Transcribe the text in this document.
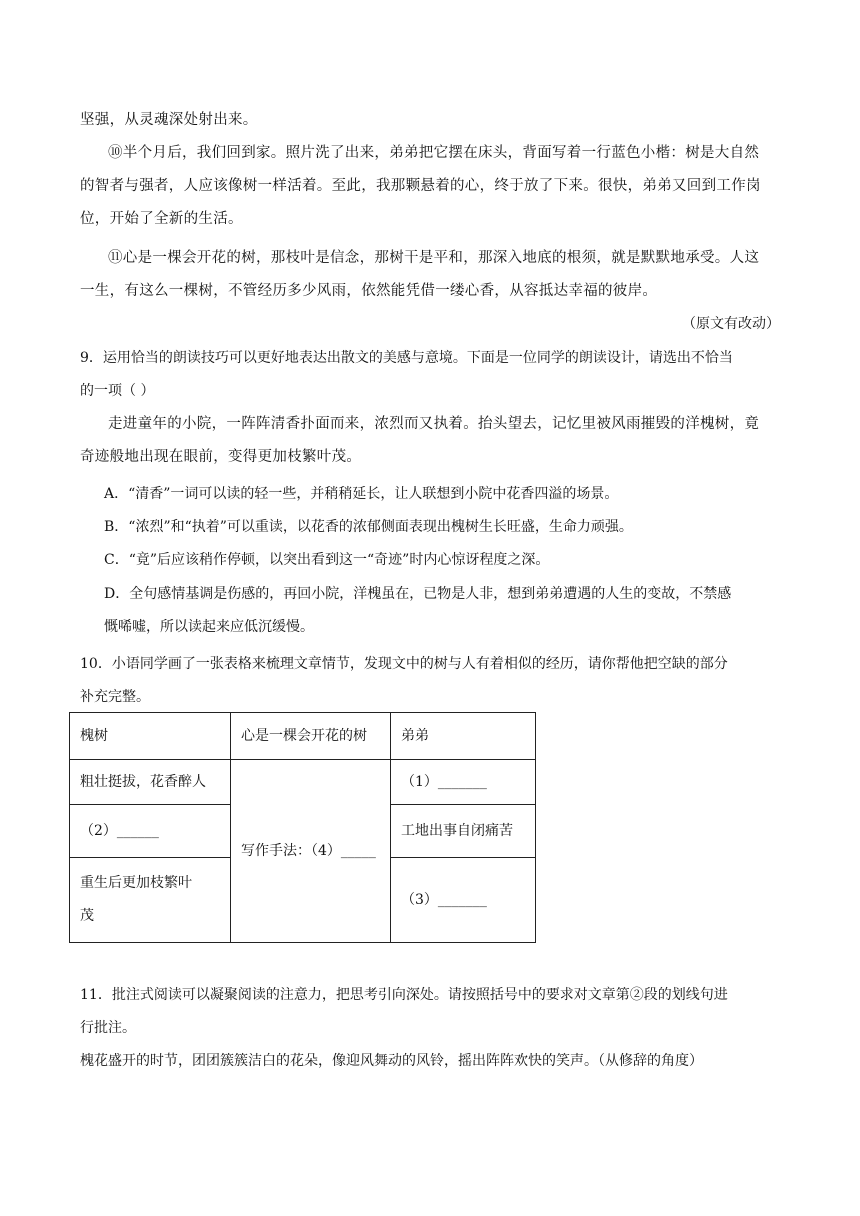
坚强，从灵魂深处射出来。
⑩半个月后，我们回到家。照片洗了出来，弟弟把它摆在床头，背面写着一行蓝色小楷：树是大自然
的智者与强者，人应该像树一样活着。至此，我那颗悬着的心，终于放了下来。很快，弟弟又回到工作岗
位，开始了全新的生活。
⑪心是一棵会开花的树，那枝叶是信念，那树干是平和，那深入地底的根须，就是默默地承受。人这
一生，有这么一棵树，不管经历多少风雨，依然能凭借一缕心香，从容抵达幸福的彼岸。
（原文有改动）
9．运用恰当的朗读技巧可以更好地表达出散文的美感与意境。下面是一位同学的朗读设计，请选出不恰当
的一项（ ）
走进童年的小院，一阵阵清香扑面而来，浓烈而又执着。抬头望去，记忆里被风雨摧毁的洋槐树，竟
奇迹般地出现在眼前，变得更加枝繁叶茂。
A．“清香”一词可以读的轻一些，并稍稍延长，让人联想到小院中花香四溢的场景。
B．“浓烈”和“执着”可以重读，以花香的浓郁侧面表现出槐树生长旺盛，生命力顽强。
C．“竟”后应该稍作停顿，以突出看到这一“奇迹”时内心惊讶程度之深。
D．全句感情基调是伤感的，再回小院，洋槐虽在，已物是人非，想到弟弟遭遇的人生的变故，不禁感
慨唏嘘，所以读起来应低沉缓慢。
10．小语同学画了一张表格来梳理文章情节，发现文中的树与人有着相似的经历，请你帮他把空缺的部分
补充完整。
槐树	心是一棵会开花的树	弟弟
粗壮挺拔，花香醉人	写作手法：（4）_____	（1）_______
（2）______		工地出事自闭痛苦

重生后更加枝繁叶
茂		（3）_______
11．批注式阅读可以凝聚阅读的注意力，把思考引向深处。请按照括号中的要求对文章第②段的划线句进
行批注。
槐花盛开的时节，团团簇簇洁白的花朵，像迎风舞动的风铃，摇出阵阵欢快的笑声。（从修辞的角度）
